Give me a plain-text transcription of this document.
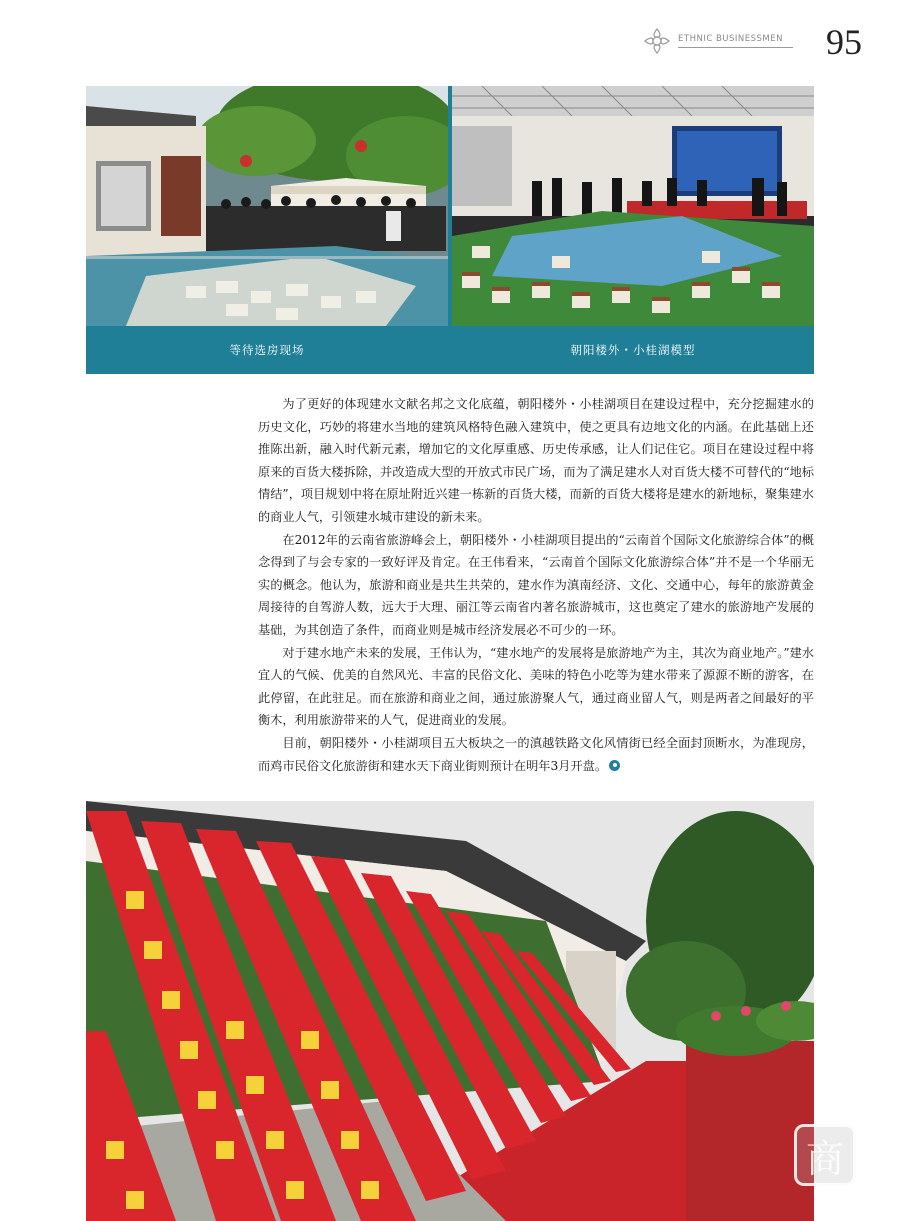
ETHNIC BUSINESSMEN 95
等待选房现场	朝阳楼外・小桂湖模型

为了更好的体现建水文献名邦之文化底蕴，朝阳楼外・小桂湖项目在建设过程中，充分挖掘建水的历史文化，巧妙的将建水当地的建筑风格特色融入建筑中，使之更具有边地文化的内涵。在此基础上还推陈出新，融入时代新元素，增加它的文化厚重感、历史传承感，让人们记住它。项目在建设过程中将原来的百货大楼拆除，并改造成大型的开放式市民广场，而为了满足建水人对百货大楼不可替代的“地标情结”，项目规划中将在原址附近兴建一栋新的百货大楼，而新的百货大楼将是建水的新地标，聚集建水的商业人气，引领建水城市建设的新未来。

在2012年的云南省旅游峰会上，朝阳楼外・小桂湖项目提出的“云南首个国际文化旅游综合体”的概念得到了与会专家的一致好评及肯定。在王伟看来，“云南首个国际文化旅游综合体”并不是一个华丽无实的概念。他认为，旅游和商业是共生共荣的，建水作为滇南经济、文化、交通中心，每年的旅游黄金周接待的自驾游人数，远大于大理、丽江等云南省内著名旅游城市，这也奠定了建水的旅游地产发展的基础，为其创造了条件，而商业则是城市经济发展必不可少的一环。

对于建水地产未来的发展，王伟认为，“建水地产的发展将是旅游地产为主，其次为商业地产。”建水宜人的气候、优美的自然风光、丰富的民俗文化、美味的特色小吃等为建水带来了源源不断的游客，在此停留，在此驻足。而在旅游和商业之间，通过旅游聚人气，通过商业留人气，则是两者之间最好的平衡木，利用旅游带来的人气，促进商业的发展。

目前，朝阳楼外・小桂湖项目五大板块之一的滇越铁路文化风情街已经全面封顶断水，为准现房，而鸡市民俗文化旅游街和建水天下商业街则预计在明年3月开盘。

商
